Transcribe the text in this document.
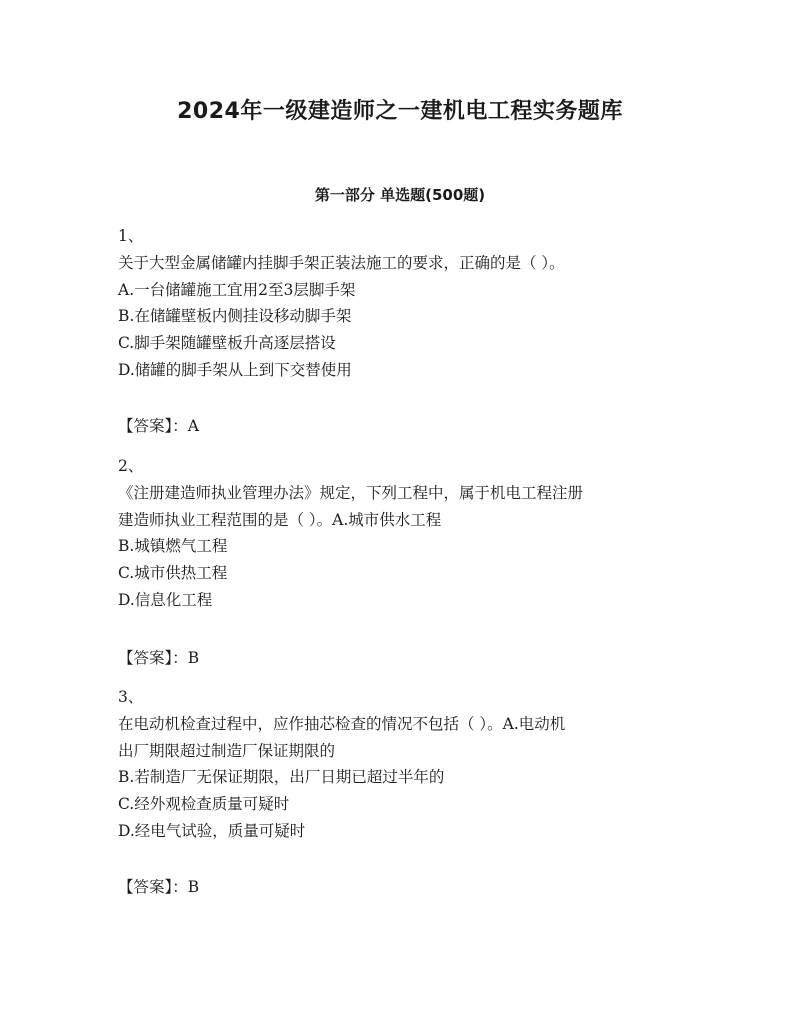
2024年一级建造师之一建机电工程实务题库
第一部分 单选题(500题)
1、
关于大型金属储罐内挂脚手架正装法施工的要求，正确的是（ ）。
A.一台储罐施工宜用2至3层脚手架
B.在储罐壁板内侧挂设移动脚手架
C.脚手架随罐壁板升高逐层搭设
D.储罐的脚手架从上到下交替使用
【答案】：A
2、
《注册建造师执业管理办法》规定，下列工程中，属于机电工程注册
建造师执业工程范围的是（ ）。A.城市供水工程
B.城镇燃气工程
C.城市供热工程
D.信息化工程
【答案】：B
3、
在电动机检查过程中，应作抽芯检查的情况不包括（ ）。A.电动机
出厂期限超过制造厂保证期限的
B.若制造厂无保证期限，出厂日期已超过半年的
C.经外观检查质量可疑时
D.经电气试验，质量可疑时
【答案】：B
